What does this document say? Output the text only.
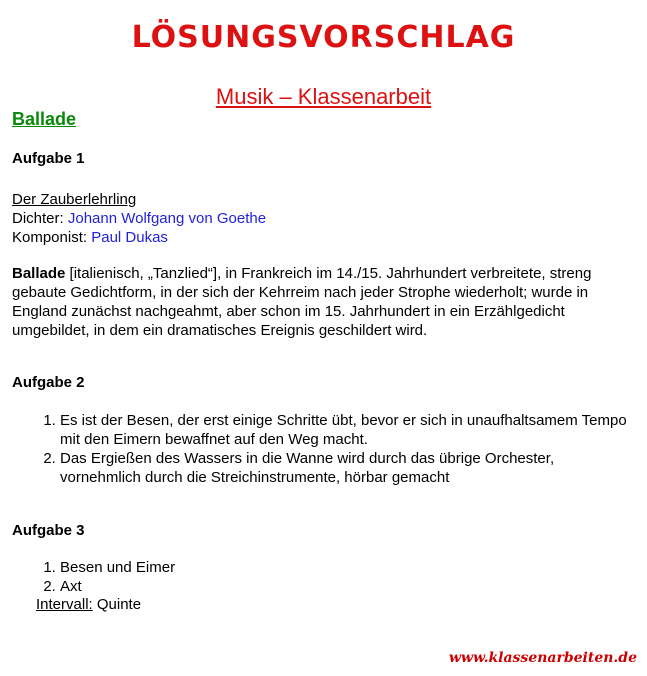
LÖSUNGSVORSCHLAG
Musik – Klassenarbeit
Ballade
Aufgabe 1
Der Zauberlehrling
Dichter: Johann Wolfgang von Goethe
Komponist: Paul Dukas
Ballade [italienisch, „Tanzlied“], in Frankreich im 14./15. Jahrhundert verbreitete, streng gebaute Gedichtform, in der sich der Kehrreim nach jeder Strophe wiederholt; wurde in England zunächst nachgeahmt, aber schon im 15. Jahrhundert in ein Erzählgedicht umgebildet, in dem ein dramatisches Ereignis geschildert wird.
Aufgabe 2
1. Es ist der Besen, der erst einige Schritte übt, bevor er sich in unaufhaltsamem Tempo mit den Eimern bewaffnet auf den Weg macht.
2. Das Ergießen des Wassers in die Wanne wird durch das übrige Orchester, vornehmlich durch die Streichinstrumente, hörbar gemacht
Aufgabe 3
1. Besen und Eimer
2. Axt
Intervall: Quinte
www.klassenarbeiten.de
